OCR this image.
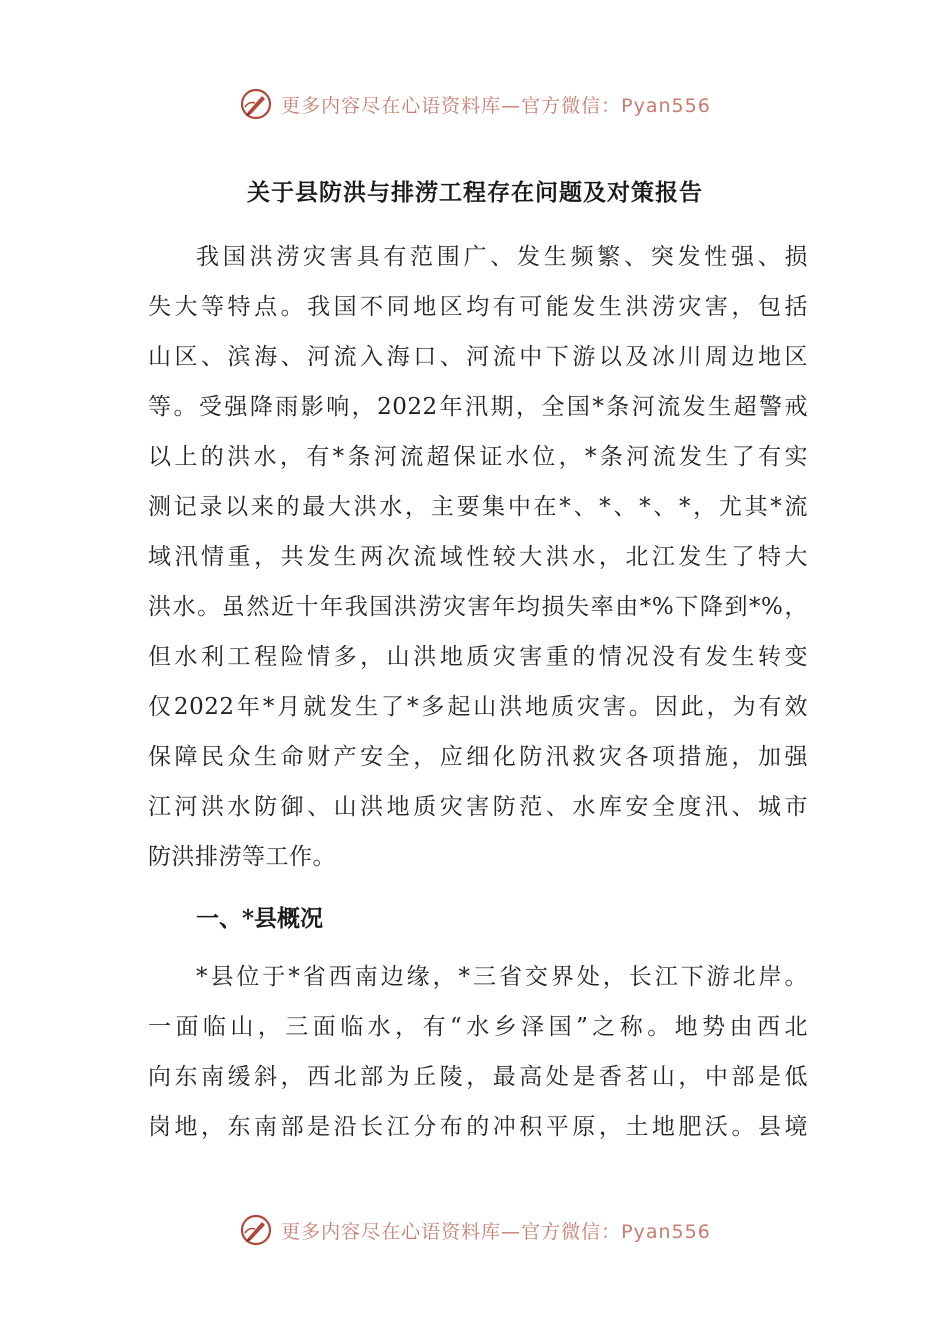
更多内容尽在心语资料库—官方微信：Pyan556
关于县防洪与排涝工程存在问题及对策报告
我国洪涝灾害具有范围广、发生频繁、突发性强、损
失大等特点。我国不同地区均有可能发生洪涝灾害，包括
山区、滨海、河流入海口、河流中下游以及冰川周边地区
等。受强降雨影响，2022年汛期，全国*条河流发生超警戒
以上的洪水，有*条河流超保证水位，*条河流发生了有实
测记录以来的最大洪水，主要集中在*、*、*、*，尤其*流
域汛情重，共发生两次流域性较大洪水，北江发生了特大
洪水。虽然近十年我国洪涝灾害年均损失率由*%下降到*%，
但水利工程险情多，山洪地质灾害重的情况没有发生转变
仅2022年*月就发生了*多起山洪地质灾害。因此，为有效
保障民众生命财产安全，应细化防汛救灾各项措施，加强
江河洪水防御、山洪地质灾害防范、水库安全度汛、城市
防洪排涝等工作。
一、*县概况
*县位于*省西南边缘，*三省交界处，长江下游北岸。
一面临山，三面临水，有“水乡泽国”之称。地势由西北
向东南缓斜，西北部为丘陵，最高处是香茗山，中部是低
岗地，东南部是沿长江分布的冲积平原，土地肥沃。县境
更多内容尽在心语资料库—官方微信：Pyan556
